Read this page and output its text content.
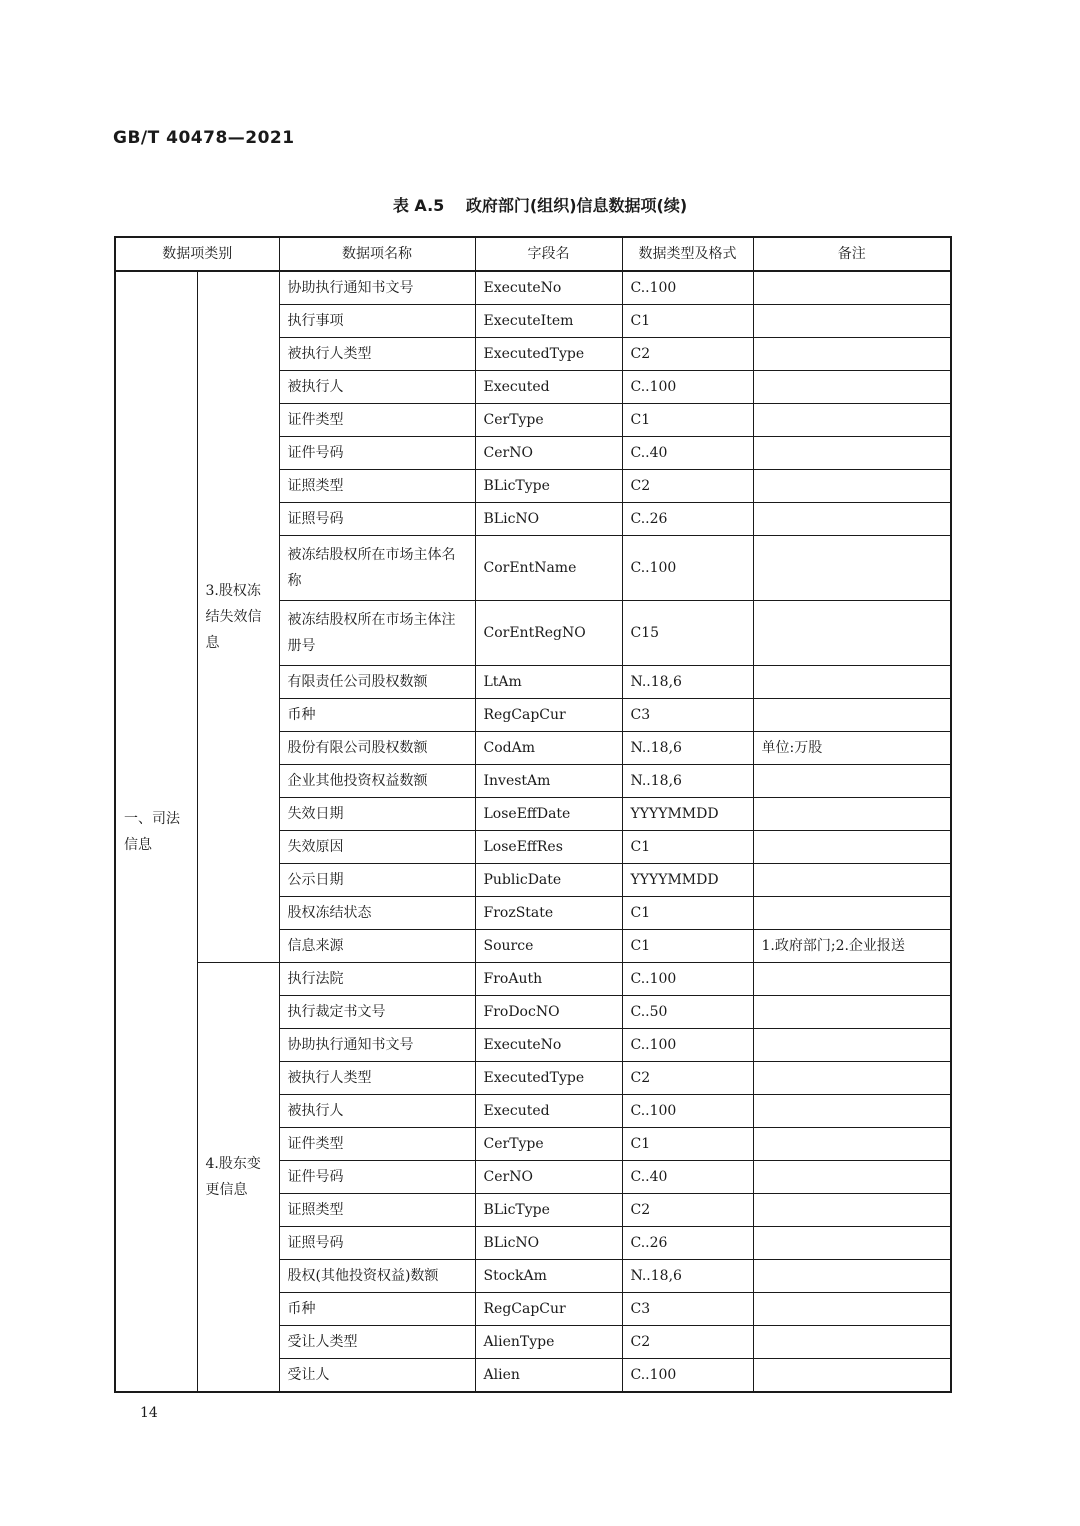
GB/T 40478—2021
表 A.5 政府部门(组织)信息数据项(续)
数据项类别		数据项名称	字段名	数据类型及格式	备注
一、司法信息	3.股权冻结失效信息	协助执行通知书文号	ExecuteNo	C..100	
		执行事项	ExecuteItem	C1	
		被执行人类型	ExecutedType	C2	
		被执行人	Executed	C..100	
		证件类型	CerType	C1	
		证件号码	CerNO	C..40	
		证照类型	BLicType	C2	
		证照号码	BLicNO	C..26	
		被冻结股权所在市场主体名称	CorEntName	C..100	
		被冻结股权所在市场主体注册号	CorEntRegNO	C15	
		有限责任公司股权数额	LtAm	N..18,6	
		币种	RegCapCur	C3	
		股份有限公司股权数额	CodAm	N..18,6	单位:万股
		企业其他投资权益数额	InvestAm	N..18,6	
		失效日期	LoseEffDate	YYYYMMDD	
		失效原因	LoseEffRes	C1	
		公示日期	PublicDate	YYYYMMDD	
		股权冻结状态	FrozState	C1	
		信息来源	Source	C1	1.政府部门;2.企业报送
	4.股东变更信息	执行法院	FroAuth	C..100	
		执行裁定书文号	FroDocNO	C..50	
		协助执行通知书文号	ExecuteNo	C..100	
		被执行人类型	ExecutedType	C2	
		被执行人	Executed	C..100	
		证件类型	CerType	C1	
		证件号码	CerNO	C..40	
		证照类型	BLicType	C2	
		证照号码	BLicNO	C..26	
		股权(其他投资权益)数额	StockAm	N..18,6	
		币种	RegCapCur	C3	
		受让人类型	AlienType	C2	
		受让人	Alien	C..100	
14
